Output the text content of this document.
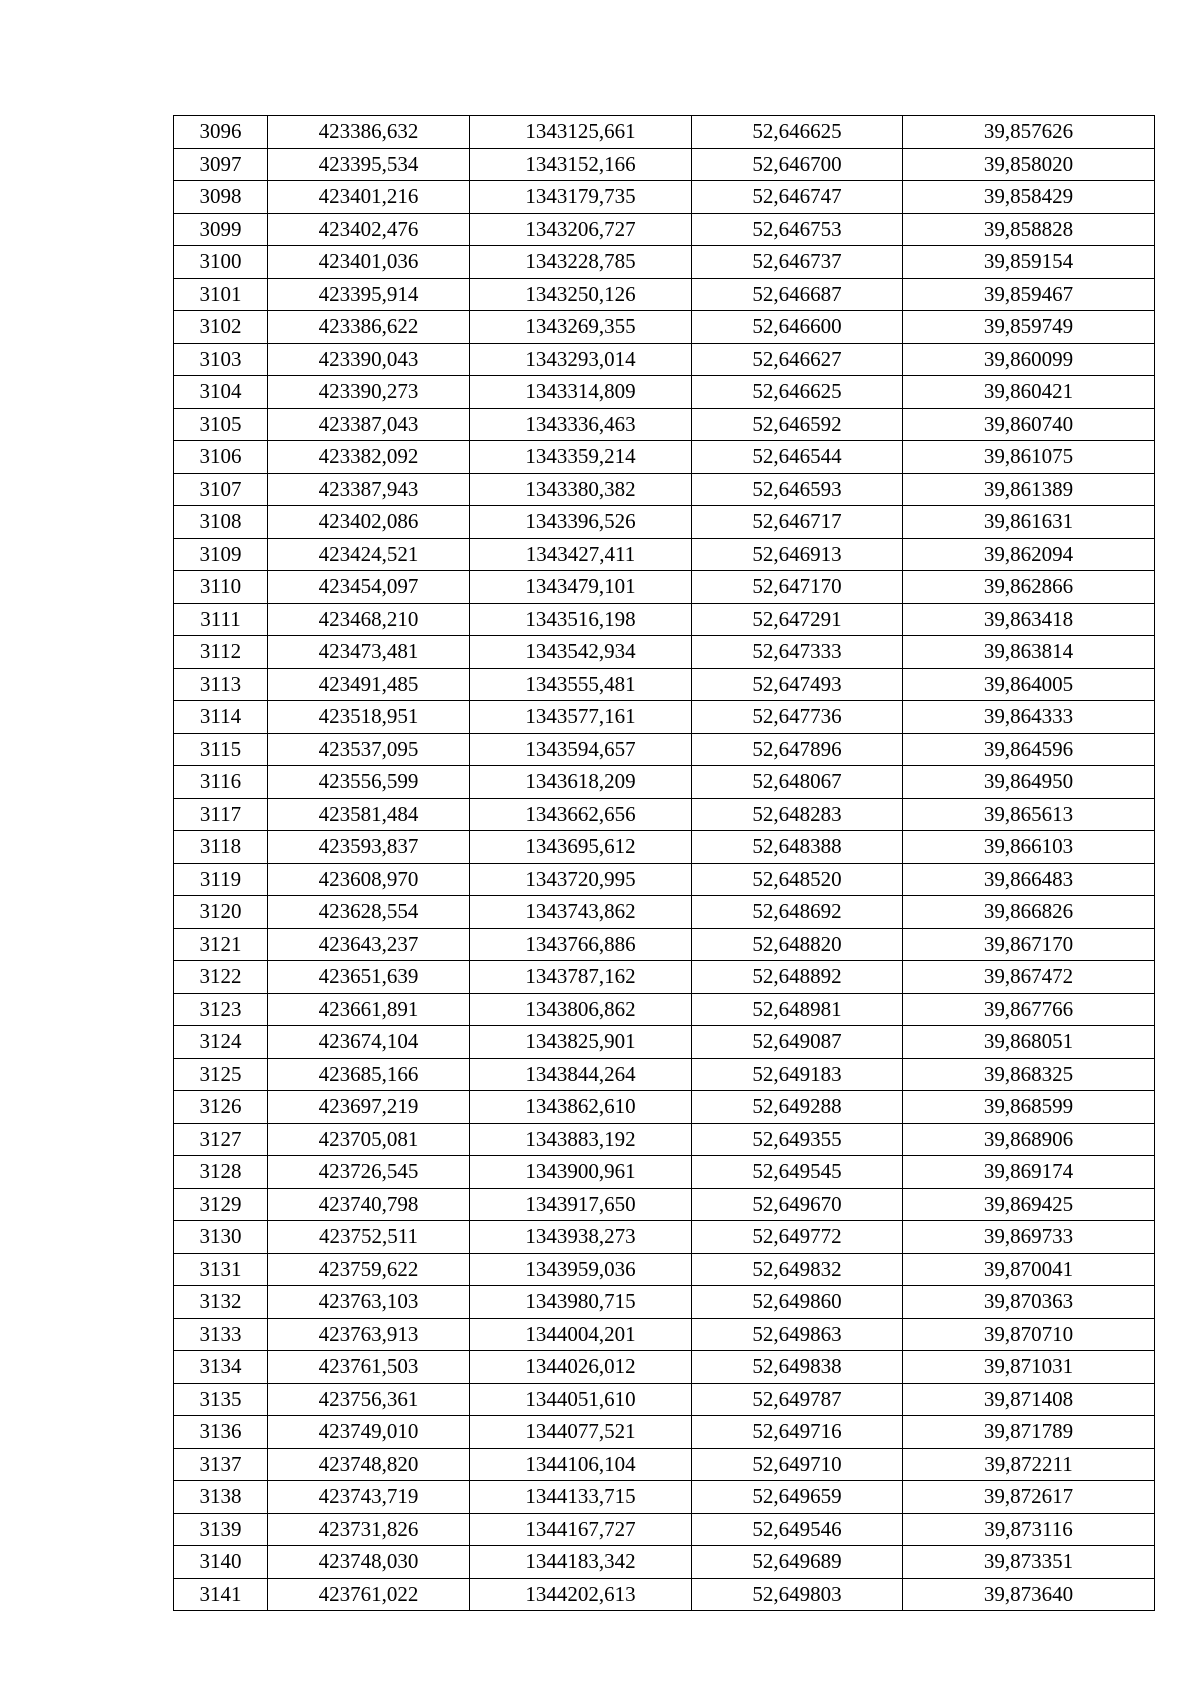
3096	423386,632	1343125,661	52,646625	39,857626
3097	423395,534	1343152,166	52,646700	39,858020
3098	423401,216	1343179,735	52,646747	39,858429
3099	423402,476	1343206,727	52,646753	39,858828
3100	423401,036	1343228,785	52,646737	39,859154
3101	423395,914	1343250,126	52,646687	39,859467
3102	423386,622	1343269,355	52,646600	39,859749
3103	423390,043	1343293,014	52,646627	39,860099
3104	423390,273	1343314,809	52,646625	39,860421
3105	423387,043	1343336,463	52,646592	39,860740
3106	423382,092	1343359,214	52,646544	39,861075
3107	423387,943	1343380,382	52,646593	39,861389
3108	423402,086	1343396,526	52,646717	39,861631
3109	423424,521	1343427,411	52,646913	39,862094
3110	423454,097	1343479,101	52,647170	39,862866
3111	423468,210	1343516,198	52,647291	39,863418
3112	423473,481	1343542,934	52,647333	39,863814
3113	423491,485	1343555,481	52,647493	39,864005
3114	423518,951	1343577,161	52,647736	39,864333
3115	423537,095	1343594,657	52,647896	39,864596
3116	423556,599	1343618,209	52,648067	39,864950
3117	423581,484	1343662,656	52,648283	39,865613
3118	423593,837	1343695,612	52,648388	39,866103
3119	423608,970	1343720,995	52,648520	39,866483
3120	423628,554	1343743,862	52,648692	39,866826
3121	423643,237	1343766,886	52,648820	39,867170
3122	423651,639	1343787,162	52,648892	39,867472
3123	423661,891	1343806,862	52,648981	39,867766
3124	423674,104	1343825,901	52,649087	39,868051
3125	423685,166	1343844,264	52,649183	39,868325
3126	423697,219	1343862,610	52,649288	39,868599
3127	423705,081	1343883,192	52,649355	39,868906
3128	423726,545	1343900,961	52,649545	39,869174
3129	423740,798	1343917,650	52,649670	39,869425
3130	423752,511	1343938,273	52,649772	39,869733
3131	423759,622	1343959,036	52,649832	39,870041
3132	423763,103	1343980,715	52,649860	39,870363
3133	423763,913	1344004,201	52,649863	39,870710
3134	423761,503	1344026,012	52,649838	39,871031
3135	423756,361	1344051,610	52,649787	39,871408
3136	423749,010	1344077,521	52,649716	39,871789
3137	423748,820	1344106,104	52,649710	39,872211
3138	423743,719	1344133,715	52,649659	39,872617
3139	423731,826	1344167,727	52,649546	39,873116
3140	423748,030	1344183,342	52,649689	39,873351
3141	423761,022	1344202,613	52,649803	39,873640
